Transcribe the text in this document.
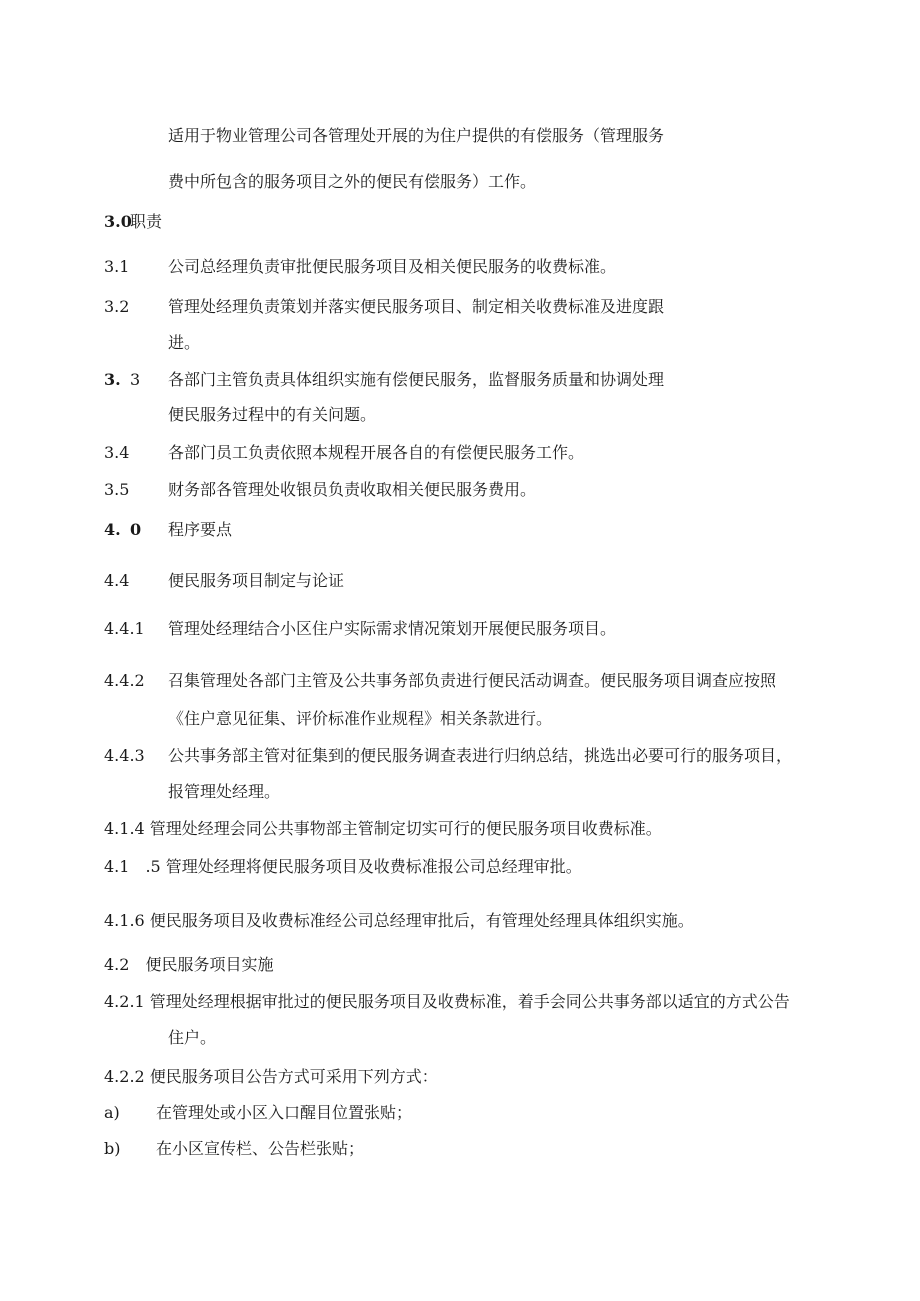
适用于物业管理公司各管理处开展的为住户提供的有偿服务（管理服务
费中所包含的服务项目之外的便民有偿服务）工作。
3.0
职责
3.1 公司总经理负责审批便民服务项目及相关便民服务的收费标准。
3.2 管理处经理负责策划并落实便民服务项目、制定相关收费标准及进度跟
进。
3. 3 各部门主管负责具体组织实施有偿便民服务，监督服务质量和协调处理
便民服务过程中的有关问题。
3.4 各部门员工负责依照本规程开展各自的有偿便民服务工作。
3.5 财务部各管理处收银员负责收取相关便民服务费用。
4. 0 程序要点
4.4 便民服务项目制定与论证
4.4.1 管理处经理结合小区住户实际需求情况策划开展便民服务项目。
4.4.2 召集管理处各部门主管及公共事务部负责进行便民活动调查。便民服务项目调查应按照
《住户意见征集、评价标准作业规程》相关条款进行。
4.4.3 公共事务部主管对征集到的便民服务调查表进行归纳总结，挑选出必要可行的服务项目，
报管理处经理。
4.1.4 管理处经理会同公共事物部主管制定切实可行的便民服务项目收费标准。
4.1　.5 管理处经理将便民服务项目及收费标准报公司总经理审批。
4.1.6 便民服务项目及收费标准经公司总经理审批后，有管理处经理具体组织实施。
4.2　便民服务项目实施
4.2.1 管理处经理根据审批过的便民服务项目及收费标准，着手会同公共事务部以适宜的方式公告
住户。
4.2.2 便民服务项目公告方式可采用下列方式：
a) 在管理处或小区入口醒目位置张贴；
b) 在小区宣传栏、公告栏张贴；
